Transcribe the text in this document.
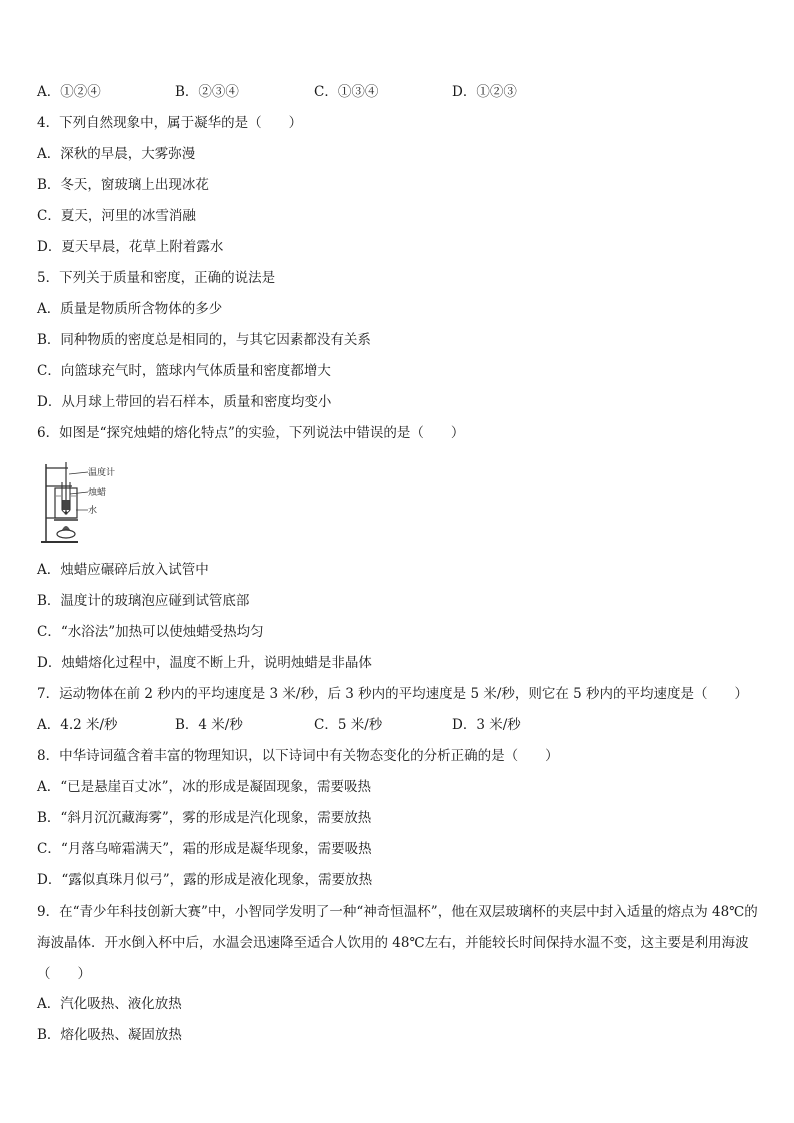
A．①②④	B．②③④	C．①③④	D．①②③
4．下列自然现象中，属于凝华的是（　　）
A．深秋的早晨，大雾弥漫
B．冬天，窗玻璃上出现冰花
C．夏天，河里的冰雪消融
D．夏天早晨，花草上附着露水
5．下列关于质量和密度，正确的说法是
A．质量是物质所含物体的多少
B．同种物质的密度总是相同的，与其它因素都没有关系
C．向篮球充气时，篮球内气体质量和密度都增大
D．从月球上带回的岩石样本，质量和密度均变小
6．如图是“探究烛蜡的熔化特点”的实验，下列说法中错误的是（　　）
温度计
烛蜡
水
A．烛蜡应碾碎后放入试管中
B．温度计的玻璃泡应碰到试管底部
C．“水浴法”加热可以使烛蜡受热均匀
D．烛蜡熔化过程中，温度不断上升，说明烛蜡是非晶体
7．运动物体在前 2 秒内的平均速度是 3 米/秒，后 3 秒内的平均速度是 5 米/秒，则它在 5 秒内的平均速度是（　　）
A．4.2 米/秒	B．4 米/秒	C．5 米/秒	D．3 米/秒
8．中华诗词蕴含着丰富的物理知识，以下诗词中有关物态变化的分析正确的是（　　）
A．“已是悬崖百丈冰”，冰的形成是凝固现象，需要吸热
B．“斜月沉沉藏海雾”，雾的形成是汽化现象，需要放热
C．“月落乌啼霜满天”，霜的形成是凝华现象，需要吸热
D．“露似真珠月似弓”，露的形成是液化现象，需要放热
9．在“青少年科技创新大赛”中，小智同学发明了一种“神奇恒温杯”，他在双层玻璃杯的夹层中封入适量的熔点为 48℃的海波晶体．开水倒入杯中后，水温会迅速降至适合人饮用的 48℃左右，并能较长时间保持水温不变，这主要是利用海波（　　）
A．汽化吸热、液化放热
B．熔化吸热、凝固放热
